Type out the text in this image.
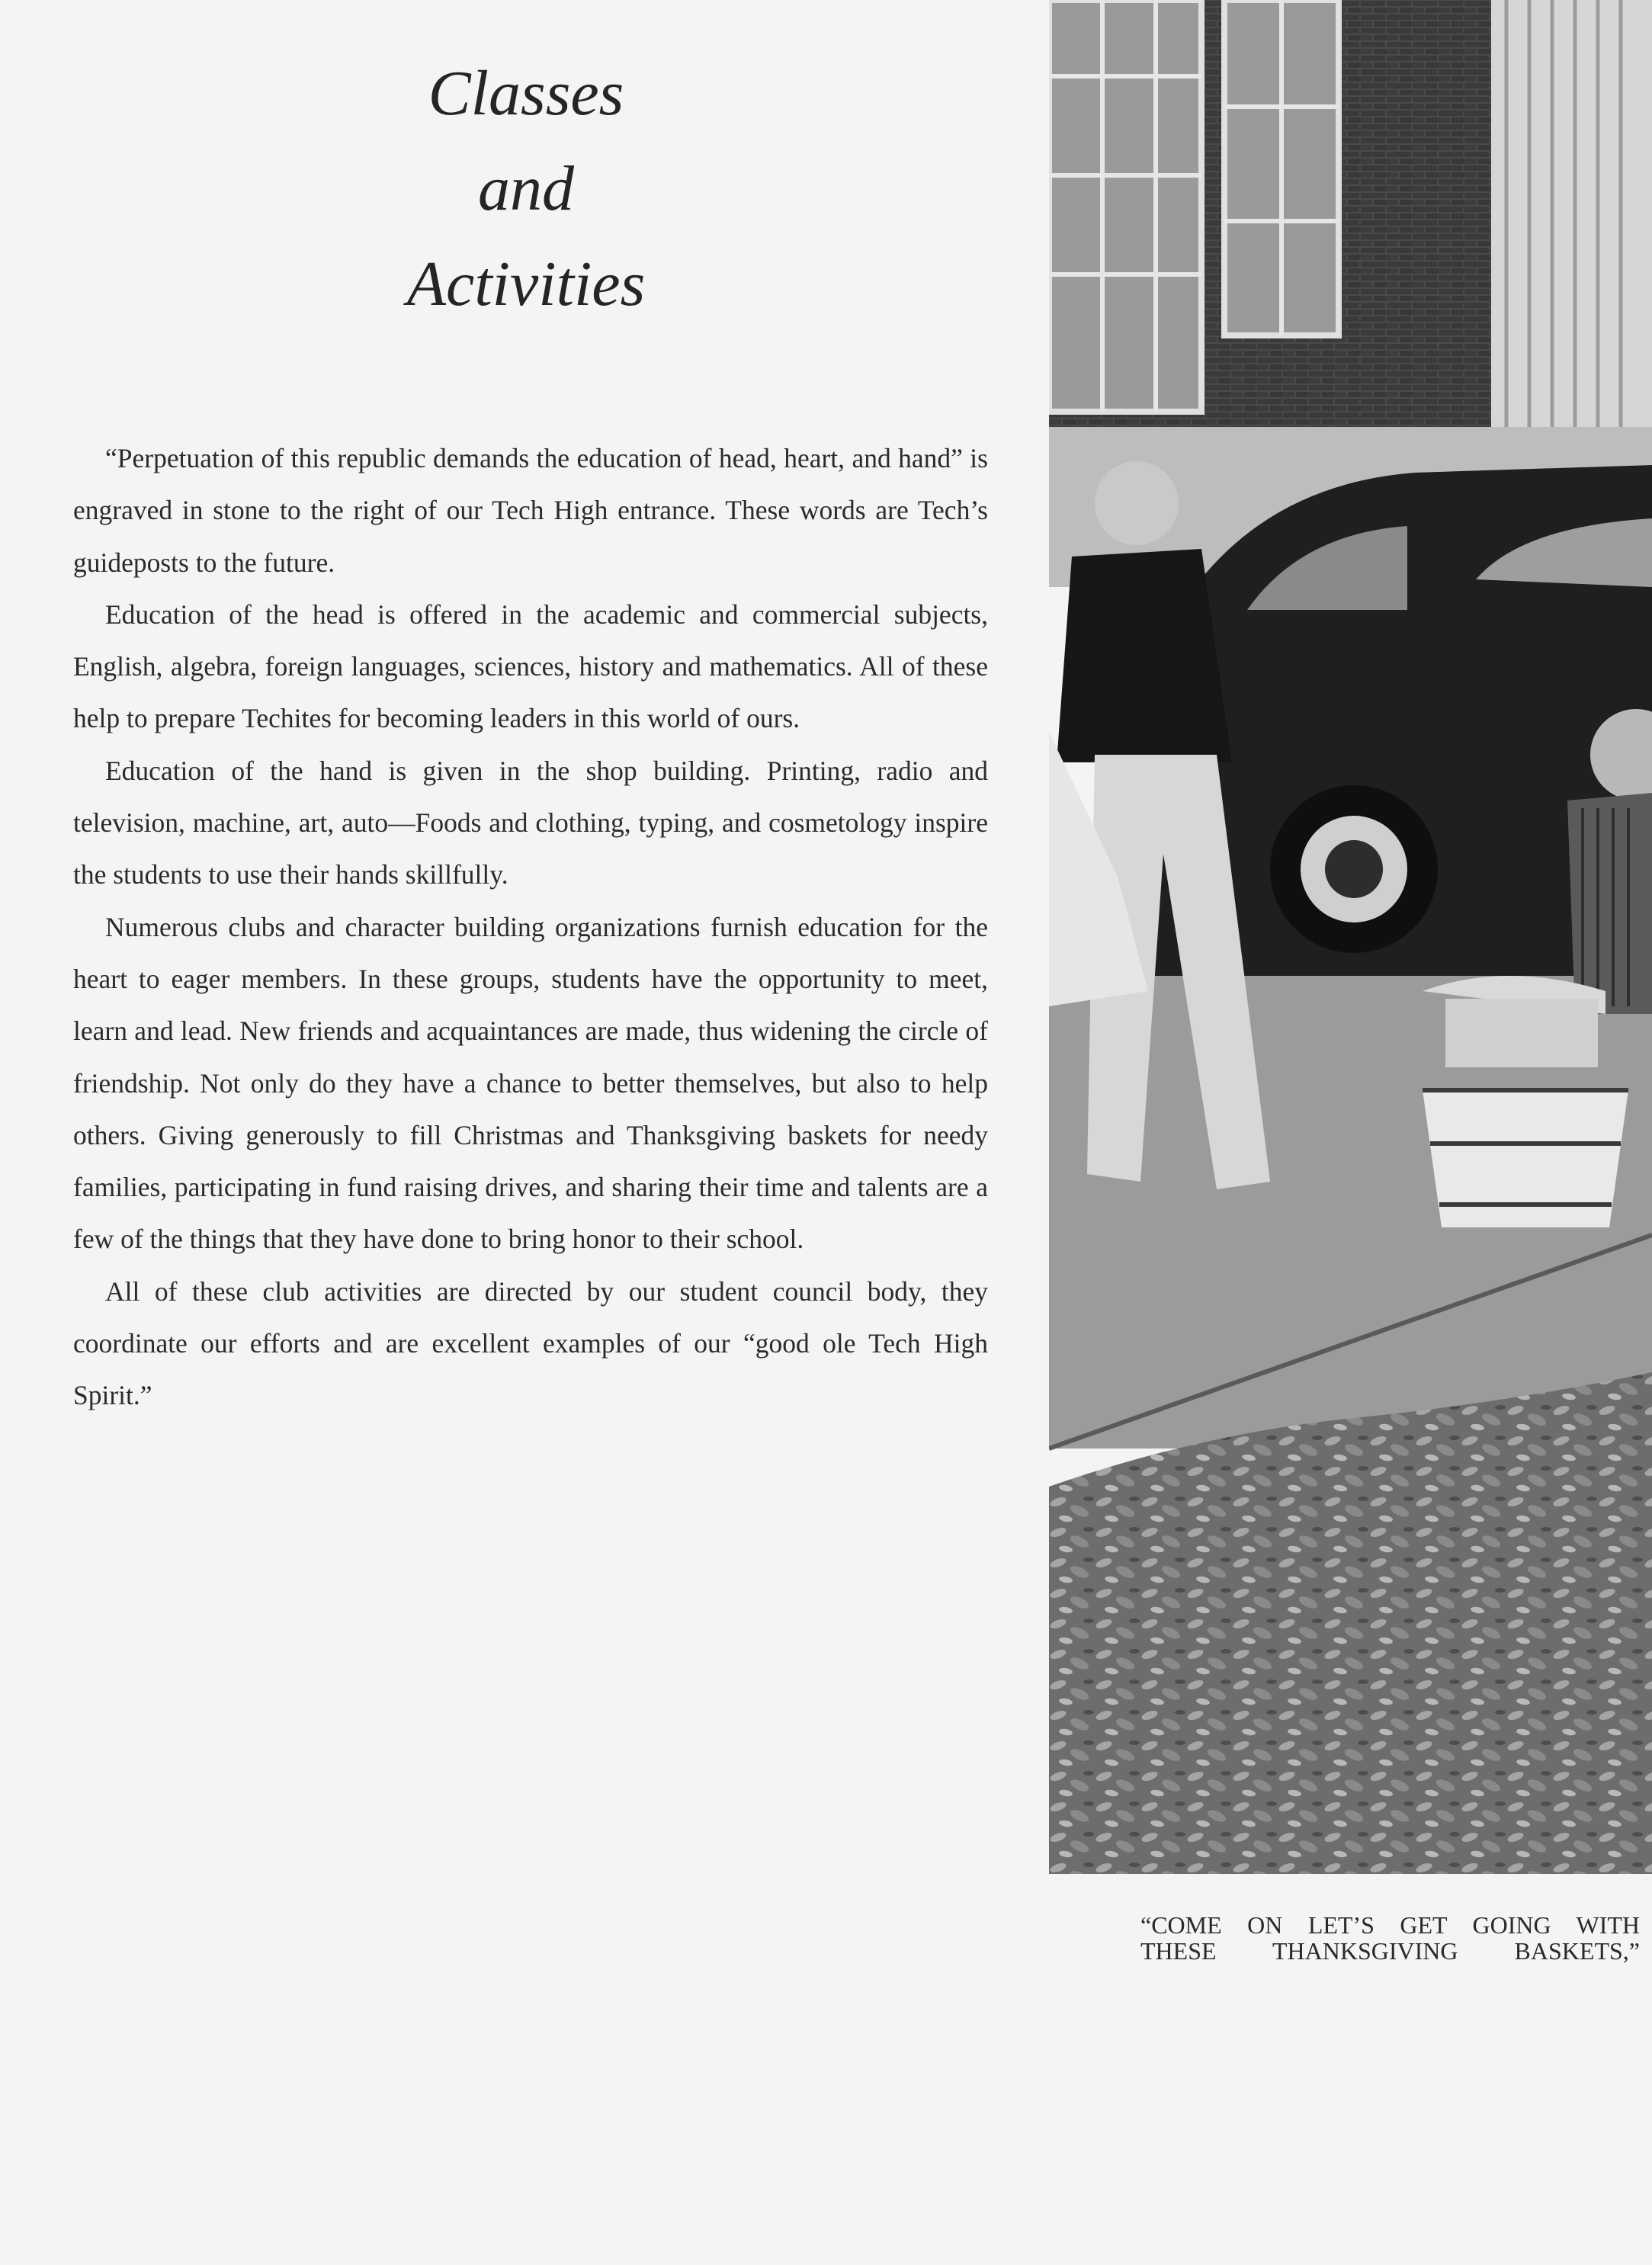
Classes
and
Activities

“Perpetuation of this republic demands the education of head, heart, and hand” is engraved in stone to the right of our Tech High entrance. These words are Tech’s guideposts to the future.

Education of the head is offered in the academic and commercial subjects, English, algebra, foreign languages, sciences, history and mathematics. All of these help to prepare Techites for becoming leaders in this world of ours.

Education of the hand is given in the shop building. Printing, radio and television, machine, art, auto—Foods and clothing, typing, and cosmetology inspire the students to use their hands skillfully.

Numerous clubs and character building organizations furnish education for the heart to eager members. In these groups, students have the opportunity to meet, learn and lead. New friends and acquaintances are made, thus widening the circle of friendship. Not only do they have a chance to better themselves, but also to help others. Giving generously to fill Christmas and Thanksgiving baskets for needy families, participating in fund raising drives, and sharing their time and talents are a few of the things that they have done to bring honor to their school.

All of these club activities are directed by our student council body, they coordinate our efforts and are excellent examples of our “good ole Tech High Spirit.”

“COME ON LET’S GET GOING WITH
THESE THANKSGIVING BASKETS,”
